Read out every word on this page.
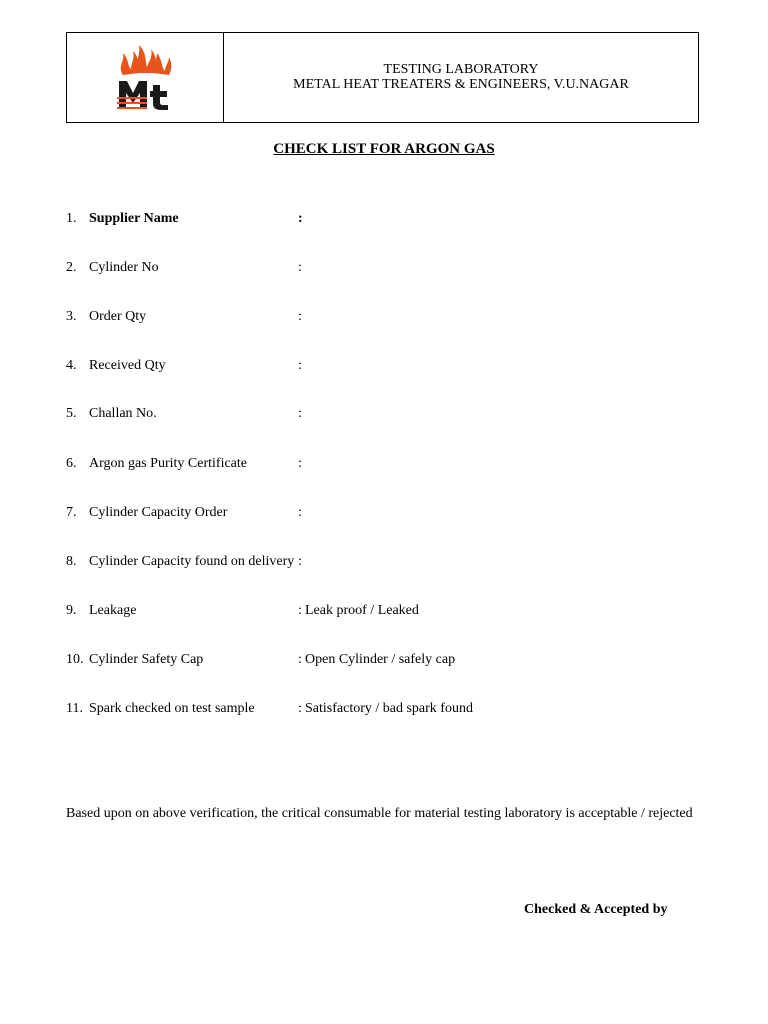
TESTING LABORATORY
METAL HEAT TREATERS & ENGINEERS, V.U.NAGAR
CHECK LIST FOR ARGON GAS
1. Supplier Name	:
2. Cylinder No	:
3. Order Qty	:
4. Received Qty	:
5. Challan No.	:
6. Argon gas Purity Certificate	:
7. Cylinder Capacity Order	:
8. Cylinder Capacity found on delivery :
9. Leakage	: Leak proof / Leaked
10. Cylinder Safety Cap	: Open Cylinder / safely cap
11. Spark checked on test sample	: Satisfactory / bad spark found
Based upon on above verification, the critical consumable for material testing laboratory is acceptable / rejected
Checked & Accepted by
